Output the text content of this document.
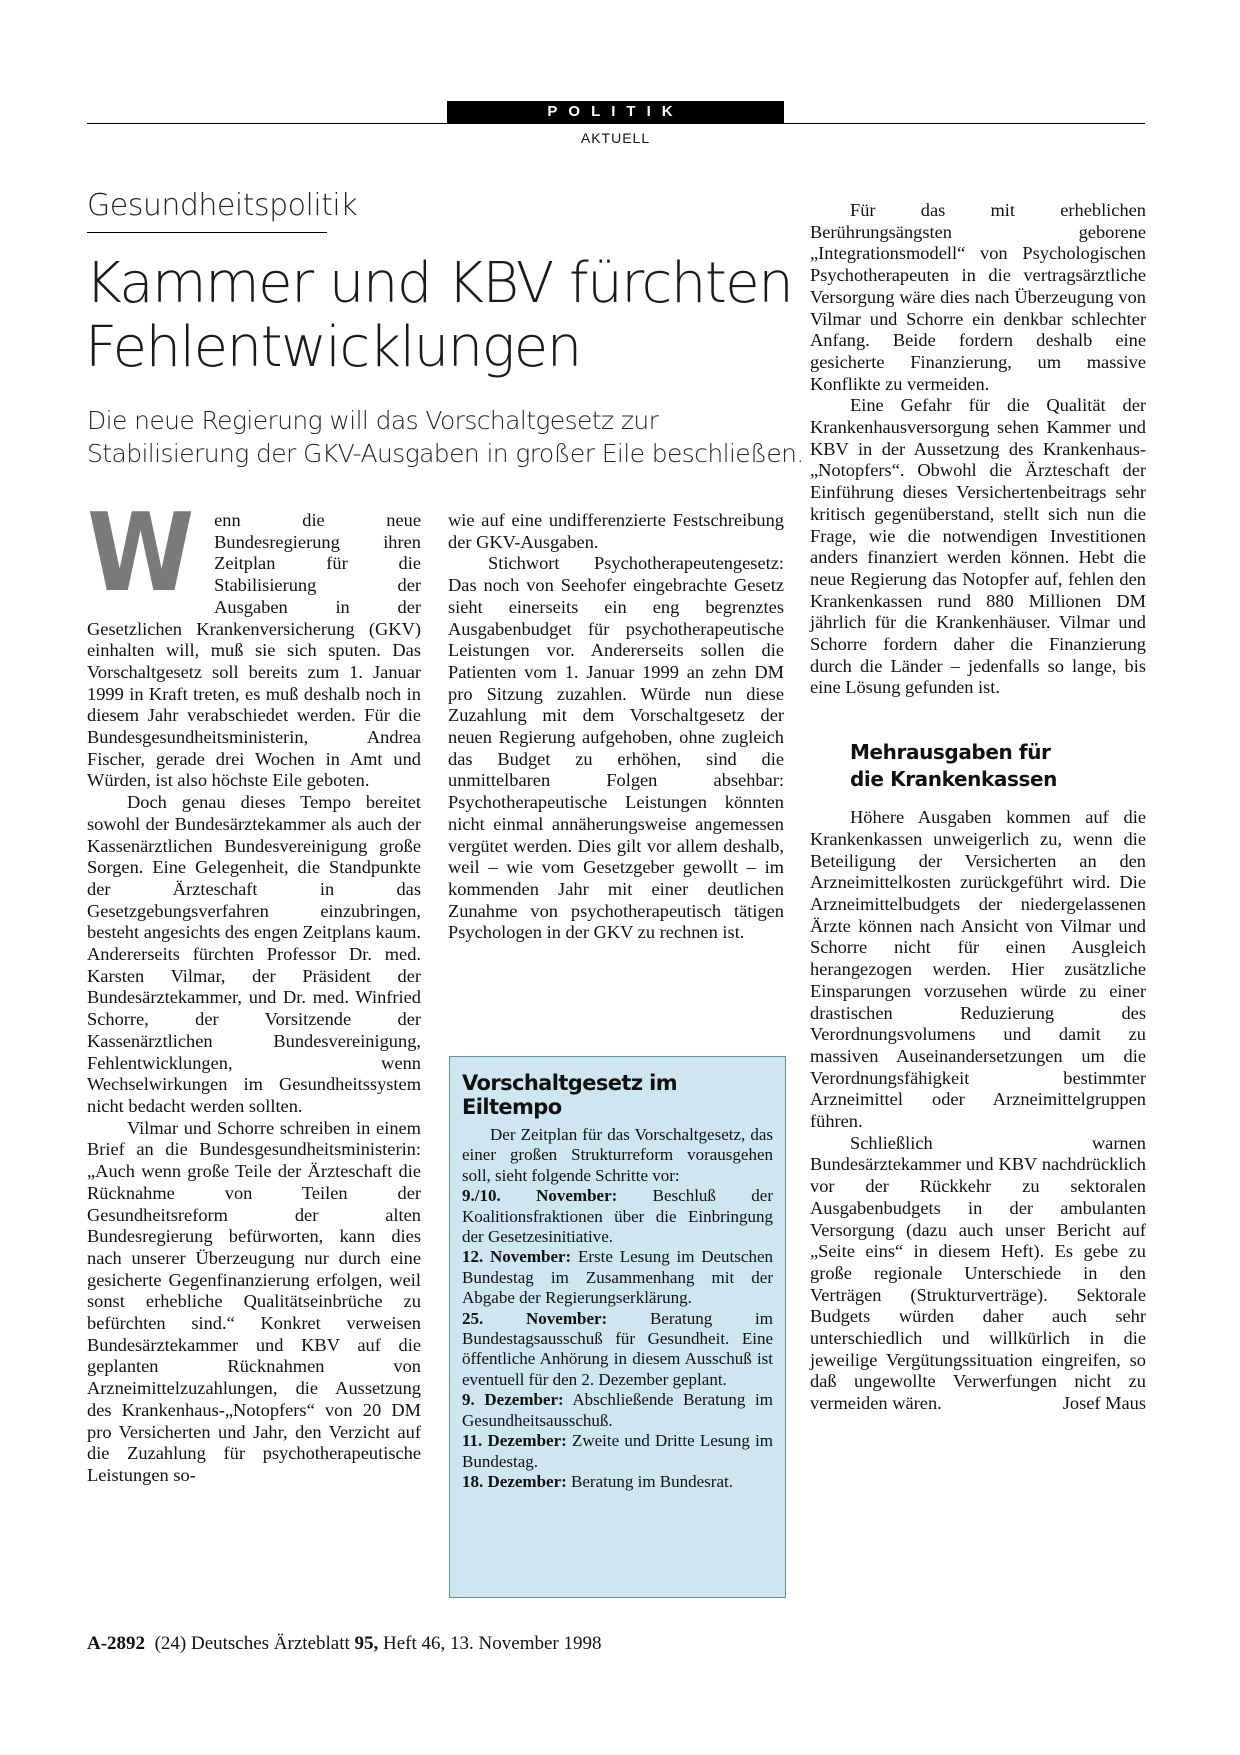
POLITIK
AKTUELL
Gesundheitspolitik
Kammer und KBV fürchten
Fehlentwicklungen

Die neue Regierung will das Vorschaltgesetz zur
Stabilisierung der GKV-Ausgaben in großer Eile beschließen.

W enn die neue Bundesregierung ihren Zeitplan für die Stabilisierung der Ausgaben in der Gesetzlichen Krankenversicherung (GKV) einhalten will, muß sie sich sputen. Das Vorschaltgesetz soll bereits zum 1. Januar 1999 in Kraft treten, es muß deshalb noch in diesem Jahr verabschiedet werden. Für die Bundesgesundheitsministerin, Andrea Fischer, gerade drei Wochen in Amt und Würden, ist also höchste Eile geboten.

Doch genau dieses Tempo bereitet sowohl der Bundesärztekammer als auch der Kassenärztlichen Bundesvereinigung große Sorgen. Eine Gelegenheit, die Standpunkte der Ärzteschaft in das Gesetzgebungsverfahren einzubringen, besteht angesichts des engen Zeitplans kaum. Andererseits fürchten Professor Dr. med. Karsten Vilmar, der Präsident der Bundesärztekammer, und Dr. med. Winfried Schorre, der Vorsitzende der Kassenärztlichen Bundesvereinigung, Fehlentwicklungen, wenn Wechselwirkungen im Gesundheitssystem nicht bedacht werden sollten.

Vilmar und Schorre schreiben in einem Brief an die Bundesgesundheitsministerin: „Auch wenn große Teile der Ärzteschaft die Rücknahme von Teilen der Gesundheitsreform der alten Bundesregierung befürworten, kann dies nach unserer Überzeugung nur durch eine gesicherte Gegenfinanzierung erfolgen, weil sonst erhebliche Qualitätseinbrüche zu befürchten sind.“ Konkret verweisen Bundesärztekammer und KBV auf die geplanten Rücknahmen von Arzneimittelzuzahlungen, die Aussetzung des Krankenhaus-„Notopfers“ von 20 DM pro Versicherten und Jahr, den Verzicht auf die Zuzahlung für psychotherapeutische Leistungen so-

wie auf eine undifferenzierte Festschreibung der GKV-Ausgaben.

Stichwort Psychotherapeutengesetz: Das noch von Seehofer eingebrachte Gesetz sieht einerseits ein eng begrenztes Ausgabenbudget für psychotherapeutische Leistungen vor. Andererseits sollen die Patienten vom 1. Januar 1999 an zehn DM pro Sitzung zuzahlen. Würde nun diese Zuzahlung mit dem Vorschaltgesetz der neuen Regierung aufgehoben, ohne zugleich das Budget zu erhöhen, sind die unmittelbaren Folgen absehbar: Psychotherapeutische Leistungen könnten nicht einmal annäherungsweise angemessen vergütet werden. Dies gilt vor allem deshalb, weil – wie vom Gesetzgeber gewollt – im kommenden Jahr mit einer deutlichen Zunahme von psychotherapeutisch tätigen Psychologen in der GKV zu rechnen ist.

Vorschaltgesetz im Eiltempo

Der Zeitplan für das Vorschaltgesetz, das einer großen Strukturreform vorausgehen soll, sieht folgende Schritte vor:

9./10. November: Beschluß der Koalitionsfraktionen über die Einbringung der Gesetzesinitiative.

12. November: Erste Lesung im Deutschen Bundestag im Zusammenhang mit der Abgabe der Regierungserklärung.

25. November:	Beratung im Bundestagsausschuß für Gesundheit. Eine öffentliche Anhörung in diesem Ausschuß ist eventuell für den 2. Dezember geplant.

9. Dezember: Abschließende Beratung im Gesundheitsausschuß.

11. Dezember: Zweite und Dritte Lesung im Bundestag.

18. Dezember: Beratung im Bundesrat.

Für das mit erheblichen Berührungsängsten geborene „Integrationsmodell“ von Psychologischen Psychotherapeuten in die vertragsärztliche Versorgung wäre dies nach Überzeugung von Vilmar und Schorre ein denkbar schlechter Anfang. Beide fordern deshalb eine gesicherte Finanzierung, um massive Konflikte zu vermeiden.

Eine Gefahr für die Qualität der Krankenhausversorgung sehen Kammer und KBV in der Aussetzung des Krankenhaus-„Notopfers“. Obwohl die Ärzteschaft der Einführung dieses Versichertenbeitrags sehr kritisch gegenüberstand, stellt sich nun die Frage, wie die notwendigen Investitionen anders finanziert werden können. Hebt die neue Regierung das Notopfer auf, fehlen den Krankenkassen rund 880 Millionen DM jährlich für die Krankenhäuser. Vilmar und Schorre fordern daher die Finanzierung durch die Länder – jedenfalls so lange, bis eine Lösung gefunden ist.

Mehrausgaben für
die Krankenkassen

Höhere Ausgaben kommen auf die Krankenkassen unweigerlich zu, wenn die Beteiligung der Versicherten an den Arzneimittelkosten zurückgeführt wird. Die Arzneimittelbudgets der niedergelassenen Ärzte können nach Ansicht von Vilmar und Schorre nicht für einen Ausgleich herangezogen werden. Hier zusätzliche Einsparungen vorzusehen würde zu einer drastischen Reduzierung des Verordnungsvolumens und damit zu massiven Auseinandersetzungen um die Verordnungsfähigkeit bestimmter Arzneimittel oder Arzneimittelgruppen führen.

Schließlich warnen Bundesärztekammer und KBV nachdrücklich vor der Rückkehr zu sektoralen Ausgabenbudgets in der ambulanten Versorgung (dazu auch unser Bericht auf „Seite eins“ in diesem Heft). Es gebe zu große regionale Unterschiede in den Verträgen (Strukturverträge). Sektorale Budgets würden daher auch sehr unterschiedlich und willkürlich in die jeweilige Vergütungssituation eingreifen, so daß ungewollte Verwerfungen nicht zu vermeiden wären.	Josef Maus

A-2892 (24) Deutsches Ärzteblatt 95, Heft 46, 13. November 1998
